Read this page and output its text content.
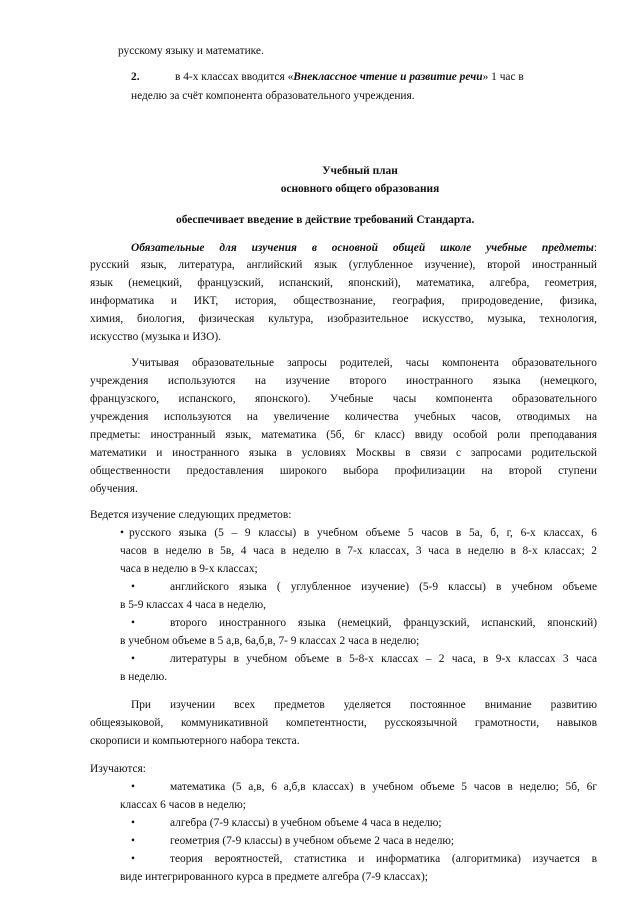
русскому языку и математике.
2.	в 4-х классах вводится «Внеклассное чтение и развитие речи» 1 час в
неделю за счёт компонента образовательного учреждения.
Учебный план
основного общего образования
обеспечивает введение в действие требований Стандарта.
Обязательные для изучения в основной общей школе учебные предметы:
русский язык, литература, английский язык (углубленное изучение), второй иностранный
язык (немецкий, французский, испанский, японский), математика, алгебра, геометрия,
информатика и ИКТ, история, обществознание, география, природоведение, физика,
химия, биология, физическая культура, изобразительное искусство, музыка, технология,
искусство (музыка и ИЗО).
Учитывая образовательные запросы родителей, часы компонента образовательного
учреждения используются на изучение второго иностранного языка (немецкого,
французского, испанского, японского). Учебные часы компонента образовательного
учреждения используются на увеличение количества учебных часов, отводимых на
предметы: иностранный язык, математика (5б, 6г класс) ввиду особой роли преподавания
математики и иностранного языка в условиях Москвы в связи с запросами родительской
общественности предоставления широкого выбора профилизации на второй ступени
обучения.
Ведется изучение следующих предметов:
• русского языка (5 – 9 классы) в учебном объеме 5 часов в 5а, б, г, 6-х классах, 6
часов в неделю в 5в, 4 часа в неделю в 7-х классах, 3 часа в неделю в 8-х классах; 2
часа в неделю в 9-х классах;
•	английского языка ( углубленное изучение) (5-9 классы) в учебном объеме
в 5-9 классах 4 часа в неделю,
•	второго иностранного языка (немецкий, французский, испанский, японский)
в учебном объеме в 5 а,в, 6а,б,в, 7- 9 классах 2 часа в неделю;
•	литературы в учебном объеме в 5-8-х классах – 2 часа, в 9-х классах 3 часа
в неделю.
При изучении всех предметов уделяется постоянное внимание развитию
общеязыковой, коммуникативной компетентности, русскоязычной грамотности, навыков
скорописи и компьютерного набора текста.
Изучаются:
•	математика (5 а,в, 6 а,б,в классах) в учебном объеме 5 часов в неделю; 5б, 6г
классах 6 часов в неделю;
•	алгебра (7-9 классы) в учебном объеме 4 часа в неделю;
•	геометрия (7-9 классы) в учебном объеме 2 часа в неделю;
•	теория вероятностей, статистика и информатика (алгоритмика) изучается в
виде интегрированного курса в предмете алгебра (7-9 классах);
